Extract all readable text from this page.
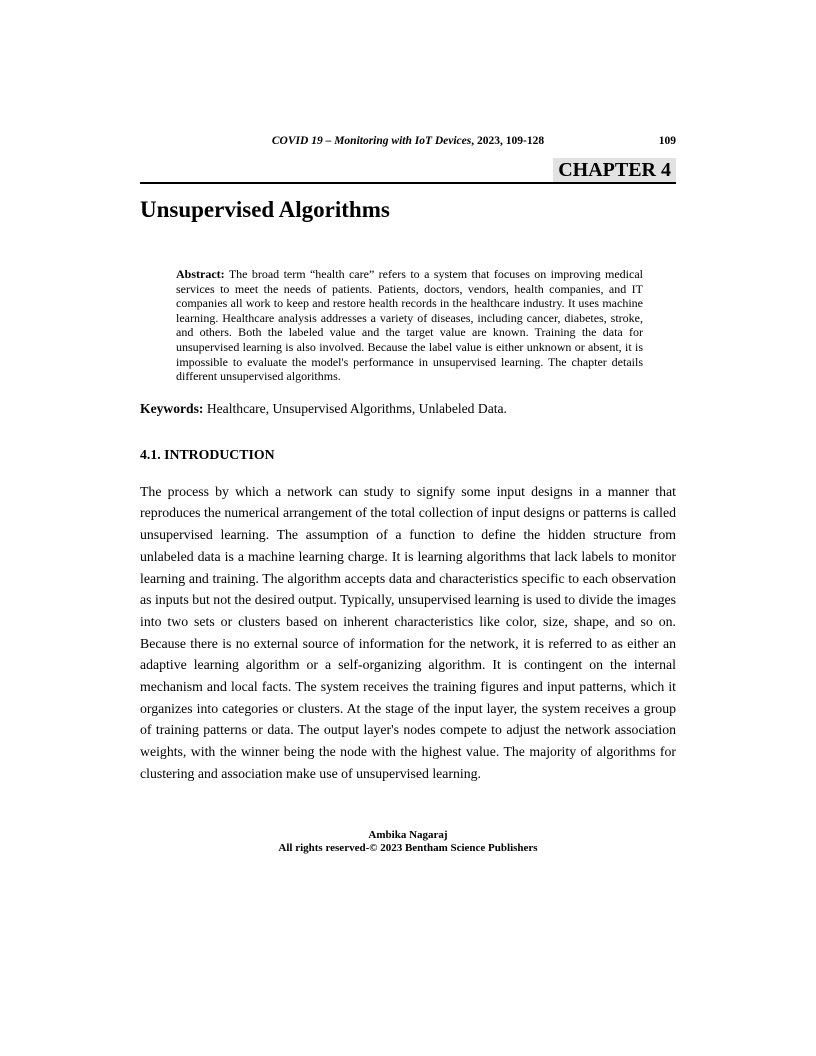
COVID 19 – Monitoring with IoT Devices, 2023, 109-128	109
CHAPTER 4
Unsupervised Algorithms

Abstract: The broad term “health care” refers to a system that focuses on improving medical services to meet the needs of patients. Patients, doctors, vendors, health companies, and IT companies all work to keep and restore health records in the healthcare industry. It uses machine learning. Healthcare analysis addresses a variety of diseases, including cancer, diabetes, stroke, and others. Both the labeled value and the target value are known. Training the data for unsupervised learning is also involved. Because the label value is either unknown or absent, it is impossible to evaluate the model's performance in unsupervised learning. The chapter details different unsupervised algorithms.

Keywords: Healthcare, Unsupervised Algorithms, Unlabeled Data.

4.1. INTRODUCTION

The process by which a network can study to signify some input designs in a manner that reproduces the numerical arrangement of the total collection of input designs or patterns is called unsupervised learning. The assumption of a function to define the hidden structure from unlabeled data is a machine learning charge. It is learning algorithms that lack labels to monitor learning and training. The algorithm accepts data and characteristics specific to each observation as inputs but not the desired output. Typically, unsupervised learning is used to divide the images into two sets or clusters based on inherent characteristics like color, size, shape, and so on. Because there is no external source of information for the network, it is referred to as either an adaptive learning algorithm or a self-organizing algorithm. It is contingent on the internal mechanism and local facts. The system receives the training figures and input patterns, which it organizes into categories or clusters. At the stage of the input layer, the system receives a group of training patterns or data. The output layer's nodes compete to adjust the network association weights, with the winner being the node with the highest value. The majority of algorithms for clustering and association make use of unsupervised learning.

Ambika Nagaraj
All rights reserved-© 2023 Bentham Science Publishers
